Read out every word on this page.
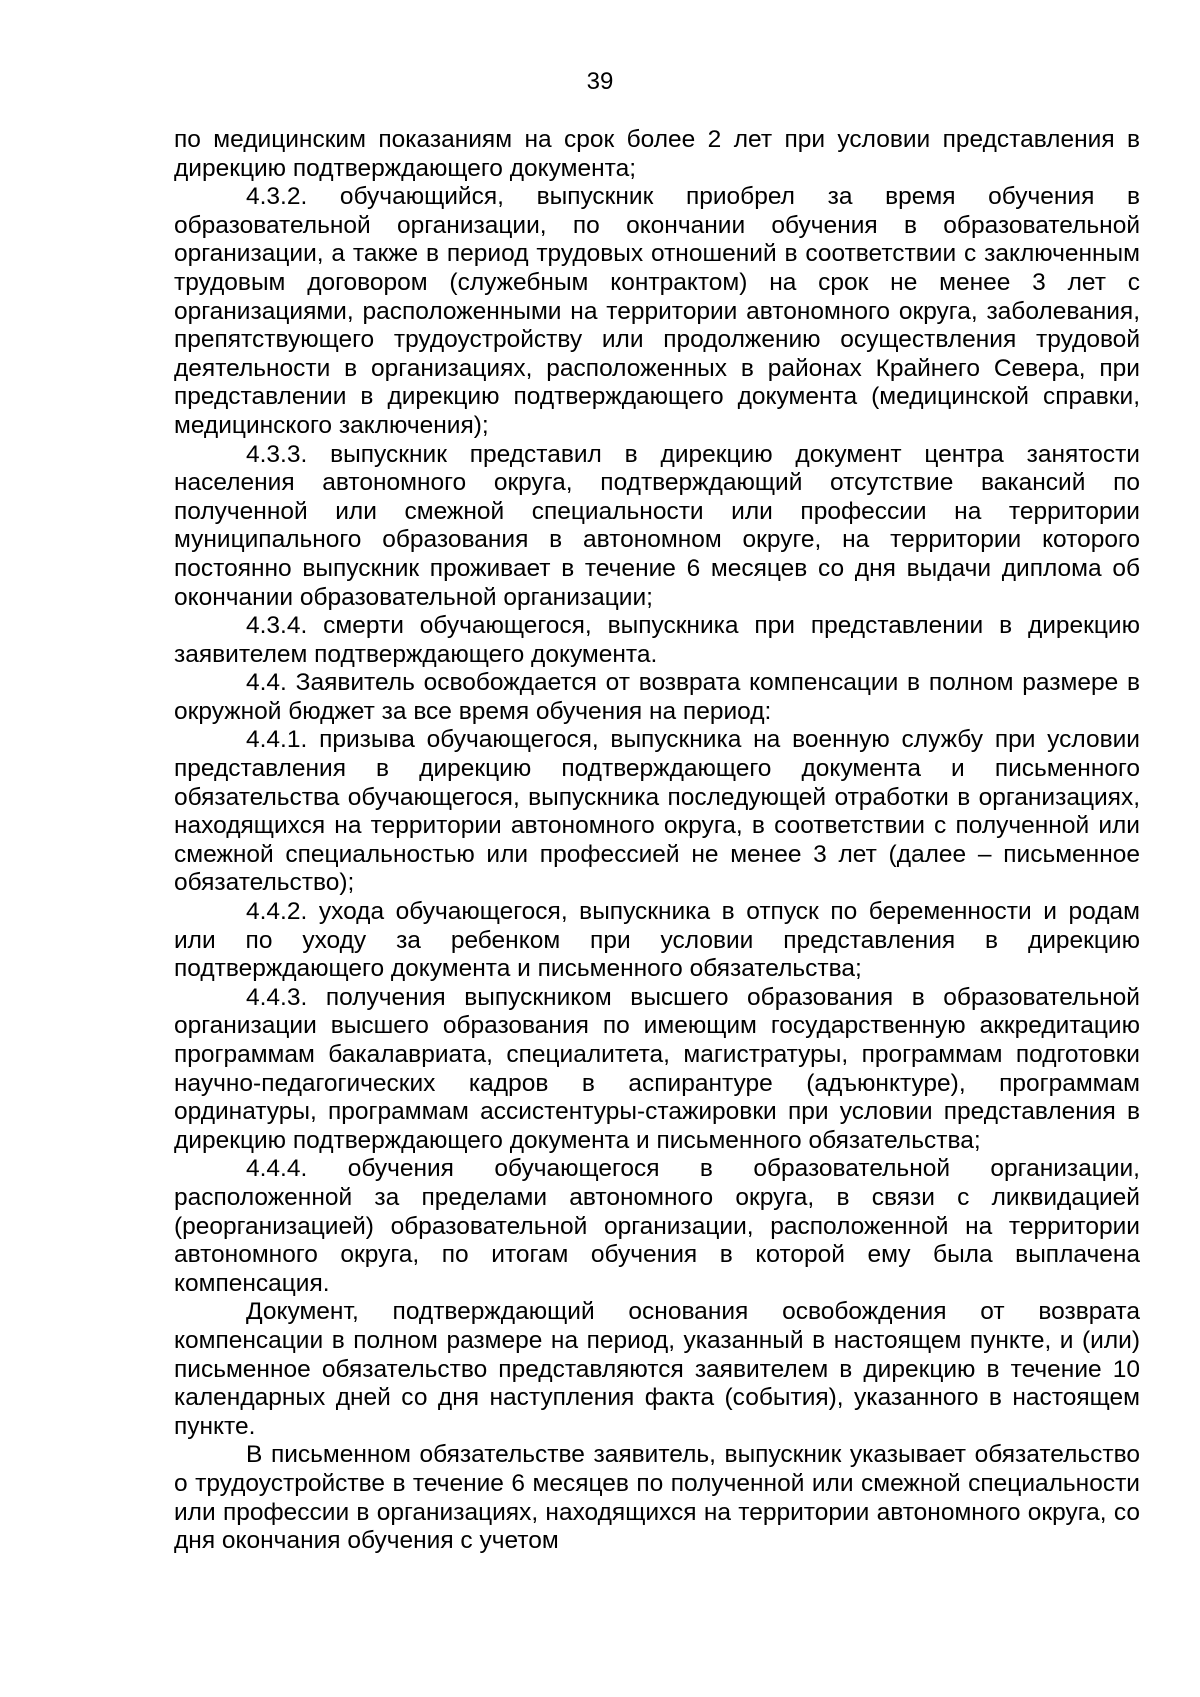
39

по медицинским показаниям на срок более 2 лет при условии представления в дирекцию подтверждающего документа;

4.3.2. обучающийся, выпускник приобрел за время обучения в образовательной организации, по окончании обучения в образовательной организации, а также в период трудовых отношений в соответствии с заключенным трудовым договором (служебным контрактом) на срок не менее 3 лет с организациями, расположенными на территории автономного округа, заболевания, препятствующего трудоустройству или продолжению осуществления трудовой деятельности в организациях, расположенных в районах Крайнего Севера, при представлении в дирекцию подтверждающего документа (медицинской справки, медицинского заключения);

4.3.3. выпускник представил в дирекцию документ центра занятости населения автономного округа, подтверждающий отсутствие вакансий по полученной или смежной специальности или профессии на территории муниципального образования в автономном округе, на территории которого постоянно выпускник проживает в течение 6 месяцев со дня выдачи диплома об окончании образовательной организации;

4.3.4. смерти обучающегося, выпускника при представлении в дирекцию заявителем подтверждающего документа.

4.4. Заявитель освобождается от возврата компенсации в полном размере в окружной бюджет за все время обучения на период:

4.4.1. призыва обучающегося, выпускника на военную службу при условии представления в дирекцию подтверждающего документа и письменного обязательства обучающегося, выпускника последующей отработки в организациях, находящихся на территории автономного округа, в соответствии с полученной или смежной специальностью или профессией не менее 3 лет (далее – письменное обязательство);

4.4.2. ухода обучающегося, выпускника в отпуск по беременности и родам или по уходу за ребенком при условии представления в дирекцию подтверждающего документа и письменного обязательства;

4.4.3. получения выпускником высшего образования в образовательной организации высшего образования по имеющим государственную аккредитацию программам бакалавриата, специалитета, магистратуры, программам подготовки научно-педагогических кадров в аспирантуре (адъюнктуре), программам ординатуры, программам ассистентуры-стажировки при условии представления в дирекцию подтверждающего документа и письменного обязательства;

4.4.4. обучения обучающегося в образовательной организации, расположенной за пределами автономного округа, в связи с ликвидацией (реорганизацией) образовательной организации, расположенной на территории автономного округа, по итогам обучения в которой ему была выплачена компенсация.

Документ, подтверждающий основания освобождения от возврата компенсации в полном размере на период, указанный в настоящем пункте, и (или) письменное обязательство представляются заявителем в дирекцию в течение 10 календарных дней со дня наступления факта (события), указанного в настоящем пункте.

В письменном обязательстве заявитель, выпускник указывает обязательство о трудоустройстве в течение 6 месяцев по полученной или смежной специальности или профессии в организациях, находящихся на территории автономного округа, со дня окончания обучения с учетом
